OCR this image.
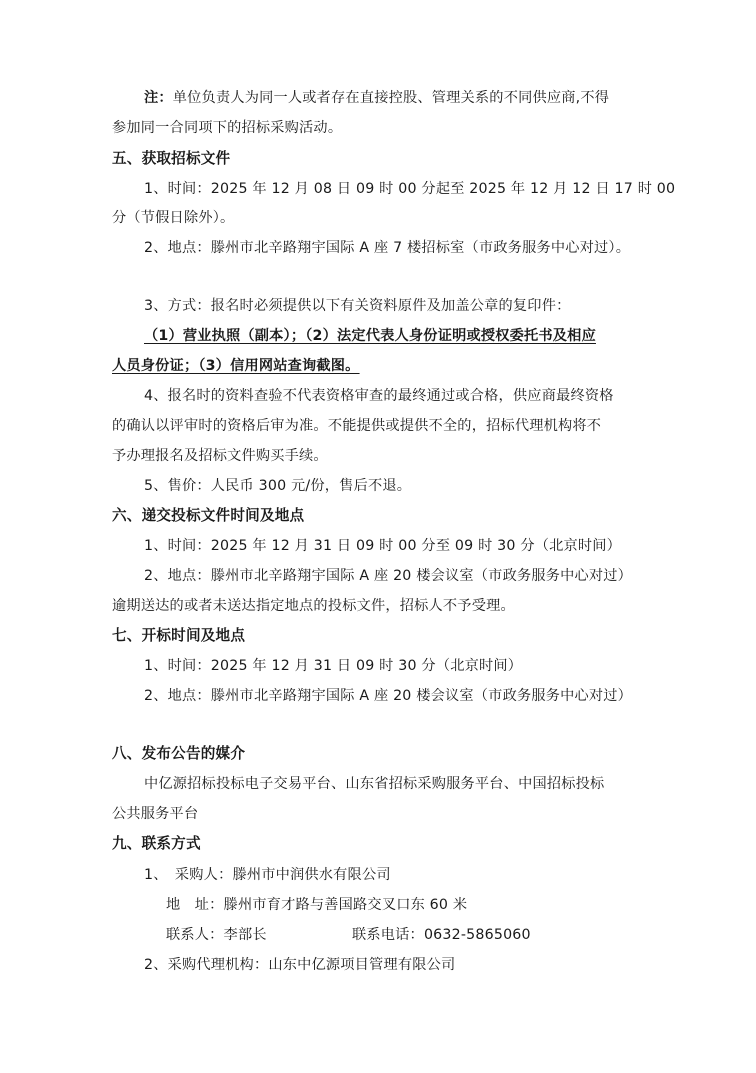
注：单位负责人为同一人或者存在直接控股、管理关系的不同供应商,不得
参加同一合同项下的招标采购活动。
五、获取招标文件
1、时间：2025 年 12 月 08 日 09 时 00 分起至 2025 年 12 月 12 日 17 时 00
分（节假日除外）。
2、地点：滕州市北辛路翔宇国际 A 座 7 楼招标室（市政务服务中心对过）。
3、方式：报名时必须提供以下有关资料原件及加盖公章的复印件：
（1）营业执照（副本）；（2）法定代表人身份证明或授权委托书及相应
人员身份证；（3）信用网站查询截图。
4、报名时的资料查验不代表资格审查的最终通过或合格，供应商最终资格
的确认以评审时的资格后审为准。不能提供或提供不全的，招标代理机构将不
予办理报名及招标文件购买手续。
5、售价：人民币 300 元/份，售后不退。
六、递交投标文件时间及地点
1、时间：2025 年 12 月 31 日 09 时 00 分至 09 时 30 分（北京时间）
2、地点：滕州市北辛路翔宇国际 A 座 20 楼会议室（市政务服务中心对过）
逾期送达的或者未送达指定地点的投标文件，招标人不予受理。
七、开标时间及地点
1、时间：2025 年 12 月 31 日 09 时 30 分（北京时间）
2、地点：滕州市北辛路翔宇国际 A 座 20 楼会议室（市政务服务中心对过）
八、发布公告的媒介
中亿源招标投标电子交易平台、山东省招标采购服务平台、中国招标投标
公共服务平台
九、联系方式
1、　采购人：滕州市中润供水有限公司
地　址：滕州市育才路与善国路交叉口东 60 米
联系人：李部长	联系电话：0632-5865060
2、采购代理机构：山东中亿源项目管理有限公司
